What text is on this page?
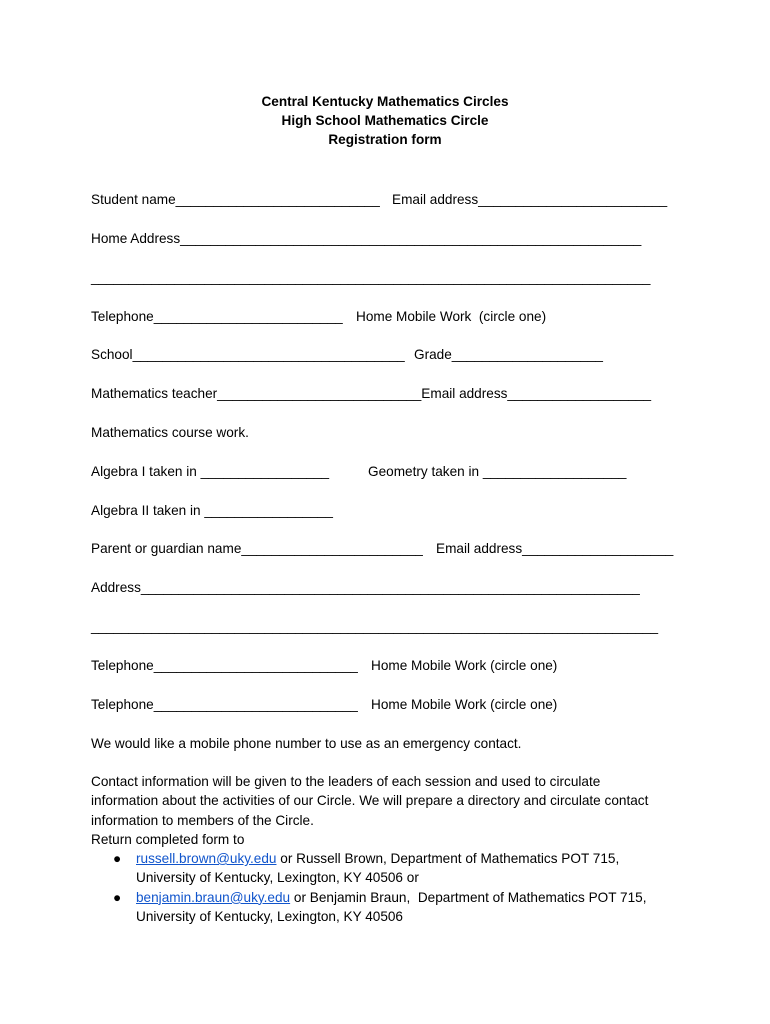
Central Kentucky Mathematics Circles
High School Mathematics Circle
Registration form
Student name___________________________ Email address_________________________
Home Address_____________________________________________________________
__________________________________________________________________________
Telephone_________________________ Home Mobile Work  (circle one)
School____________________________________ Grade____________________
Mathematics teacher___________________________Email address___________________
Mathematics course work.
Algebra I taken in _________________	Geometry taken in ___________________
Algebra II taken in _________________
Parent or guardian name________________________ Email address____________________
Address__________________________________________________________________
___________________________________________________________________________
Telephone___________________________ Home Mobile Work (circle one)
Telephone___________________________ Home Mobile Work (circle one)
We would like a mobile phone number to use as an emergency contact.
Contact information will be given to the leaders of each session and used to circulate
information about the activities of our Circle. We will prepare a directory and circulate contact
information to members of the Circle.
Return completed form to
● russell.brown@uky.edu or Russell Brown, Department of Mathematics POT 715,
University of Kentucky, Lexington, KY 40506 or
● benjamin.braun@uky.edu or Benjamin Braun,  Department of Mathematics POT 715,
University of Kentucky, Lexington, KY 40506
